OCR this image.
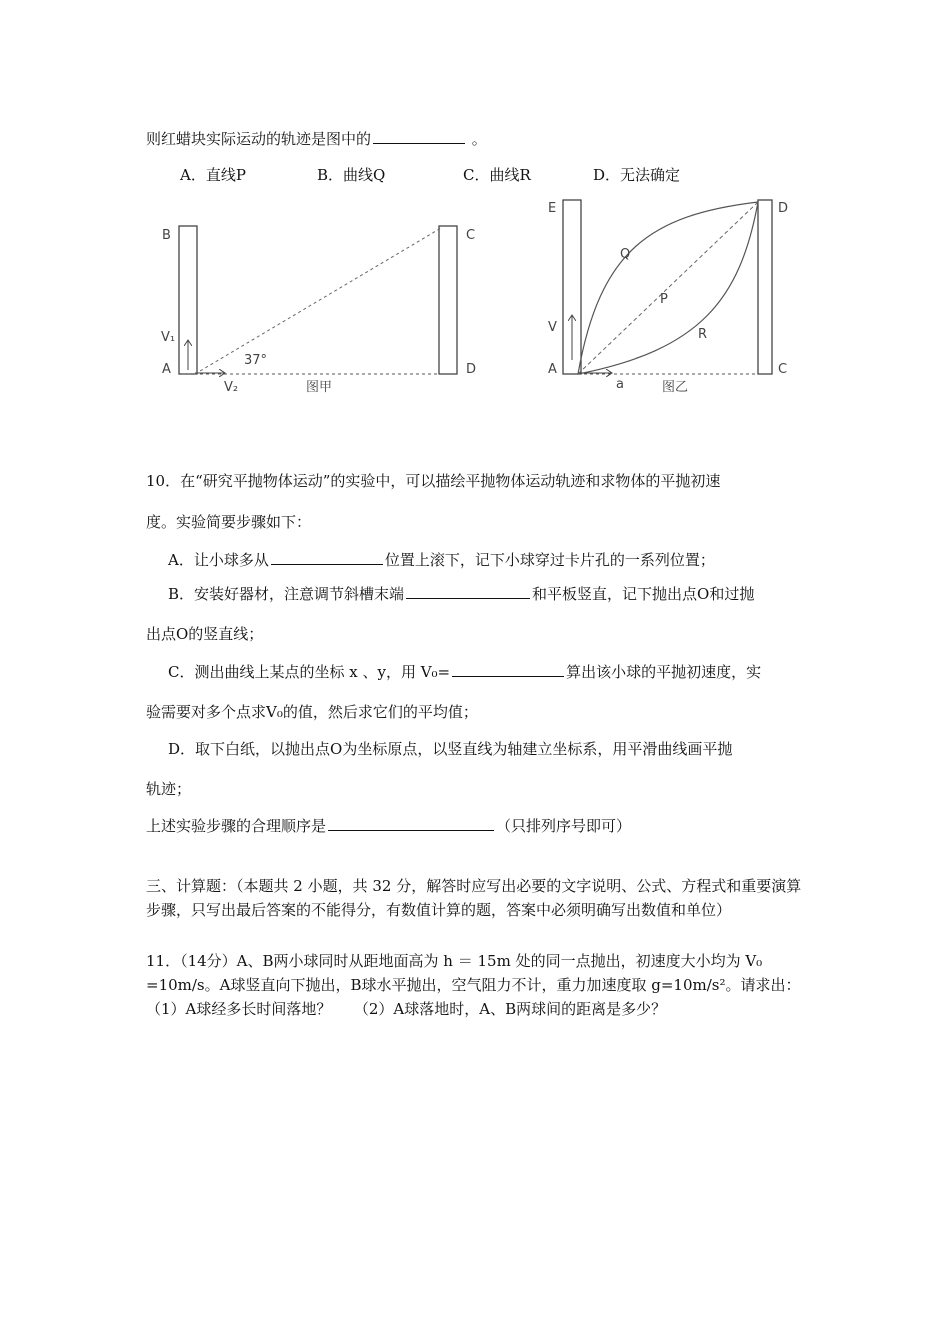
则红蜡块实际运动的轨迹是图中的	。
A．直线P	B．曲线Q	C．曲线R	D．无法确定
B
A
C
D
V₁
V₂
37°
图甲
E
A
D
C
Q
P
R
V
a	图乙
10．在“研究平抛物体运动”的实验中，可以描绘平抛物体运动轨迹和求物体的平抛初速
度。实验简要步骤如下：
A．让小球多从	位置上滚下，记下小球穿过卡片孔的一系列位置；
B．安装好器材，注意调节斜槽末端	和平板竖直，记下抛出点O和过抛
出点O的竖直线；
C．测出曲线上某点的坐标 x 、y，用 V₀=	算出该小球的平抛初速度，实
验需要对多个点求V₀的值，然后求它们的平均值；
D．取下白纸，以抛出点O为坐标原点，以竖直线为轴建立坐标系，用平滑曲线画平抛
轨迹；
上述实验步骤的合理顺序是	（只排列序号即可）
三、计算题：（本题共 2 小题，共 32 分，解答时应写出必要的文字说明、公式、方程式和重要演算步骤，只写出最后答案的不能得分，有数值计算的题，答案中必须明确写出数值和单位）
11．（14分）A、B两小球同时从距地面高为 h ＝ 15m 处的同一点抛出，初速度大小均为 V₀ =10m/s。A球竖直向下抛出，B球水平抛出，空气阻力不计，重力加速度取 g=10m/s²。请求出：（1）A球经多长时间落地？　　（2）A球落地时，A、B两球间的距离是多少？
